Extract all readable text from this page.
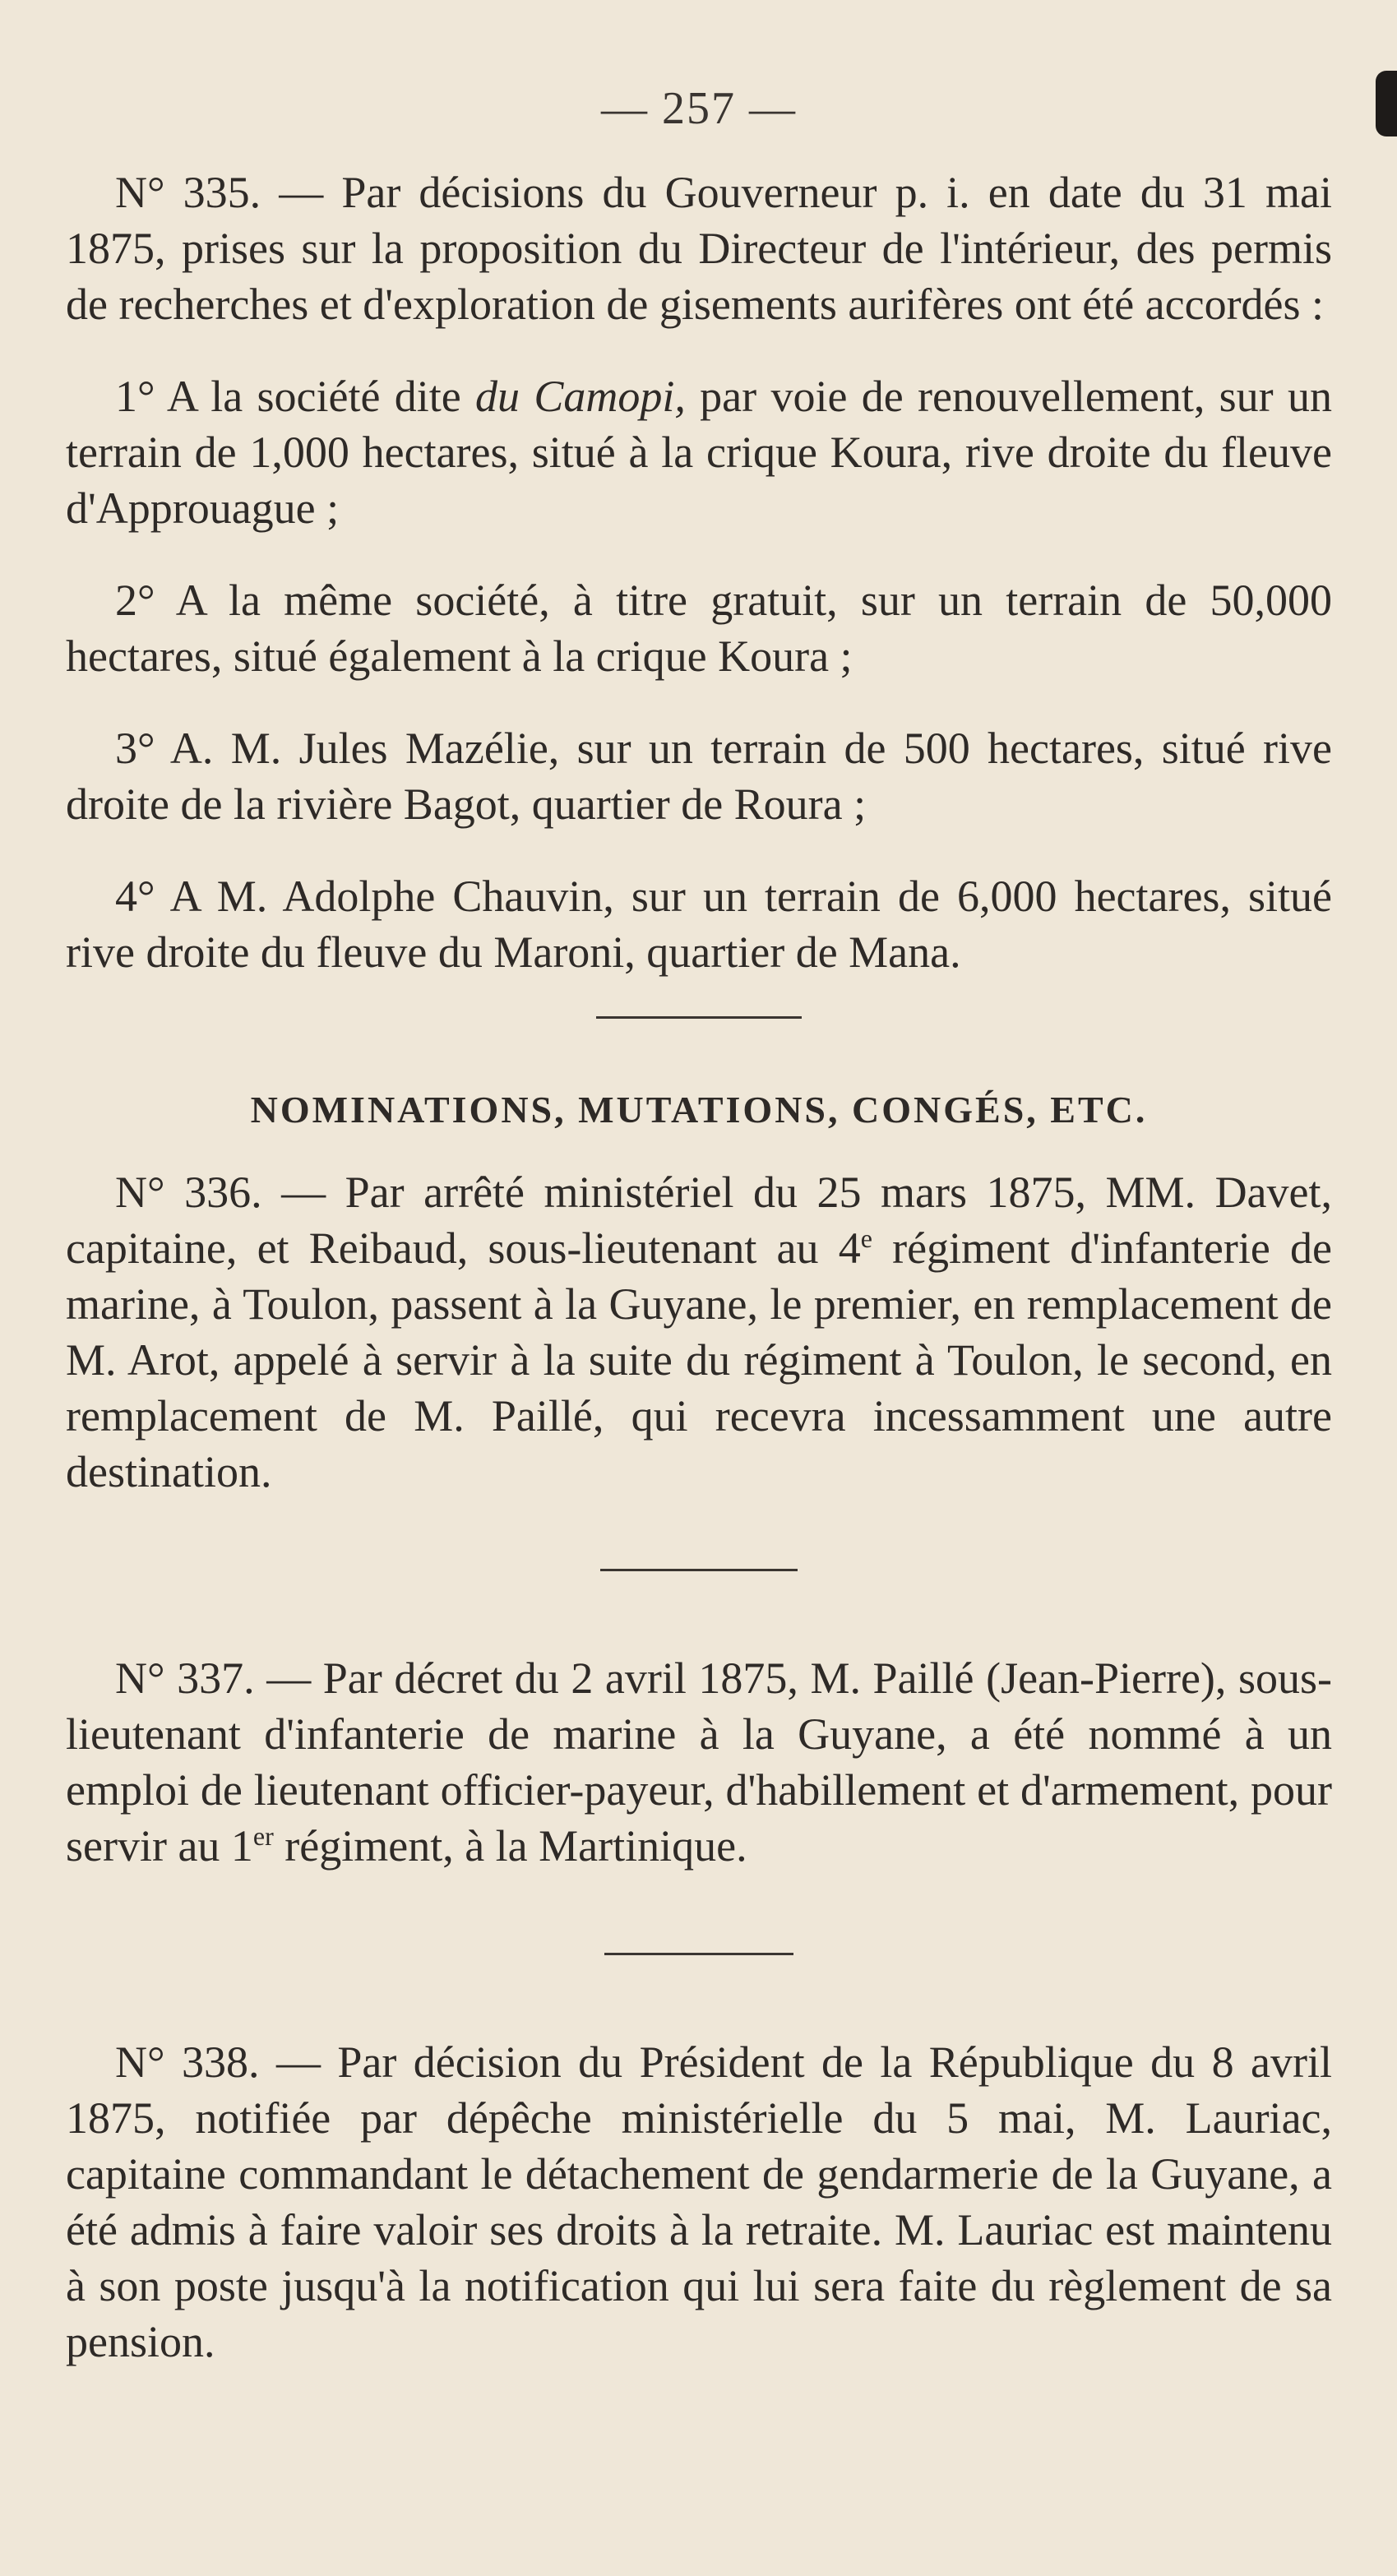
— 257 —

N° 335. — Par décisions du Gouverneur p. i. en date du 31 mai 1875, prises sur la proposition du Directeur de l'intérieur, des permis de recherches et d'exploration de gisements aurifères ont été accordés :

1° A la société dite du Camopi, par voie de renouvellement, sur un terrain de 1,000 hectares, situé à la crique Koura, rive droite du fleuve d'Approuague ;

2° A la même société, à titre gratuit, sur un terrain de 50,000 hectares, situé également à la crique Koura ;

3° A. M. Jules Mazélie, sur un terrain de 500 hectares, situé rive droite de la rivière Bagot, quartier de Roura ;

4° A M. Adolphe Chauvin, sur un terrain de 6,000 hectares, situé rive droite du fleuve du Maroni, quartier de Mana.

NOMINATIONS, MUTATIONS, CONGÉS, ETC.

N° 336. — Par arrêté ministériel du 25 mars 1875, MM. Davet, capitaine, et Reibaud, sous-lieutenant au 4e régiment d'infanterie de marine, à Toulon, passent à la Guyane, le premier, en remplacement de M. Arot, appelé à servir à la suite du régiment à Toulon, le second, en remplacement de M. Paillé, qui recevra incessamment une autre destination.

N° 337. — Par décret du 2 avril 1875, M. Paillé (Jean-Pierre), sous-lieutenant d'infanterie de marine à la Guyane, a été nommé à un emploi de lieutenant officier-payeur, d'habillement et d'armement, pour servir au 1er régiment, à la Martinique.

N° 338. — Par décision du Président de la République du 8 avril 1875, notifiée par dépêche ministérielle du 5 mai, M. Lauriac, capitaine commandant le détachement de gendarmerie de la Guyane, a été admis à faire valoir ses droits à la retraite. M. Lauriac est maintenu à son poste jusqu'à la notification qui lui sera faite du règlement de sa pension.
